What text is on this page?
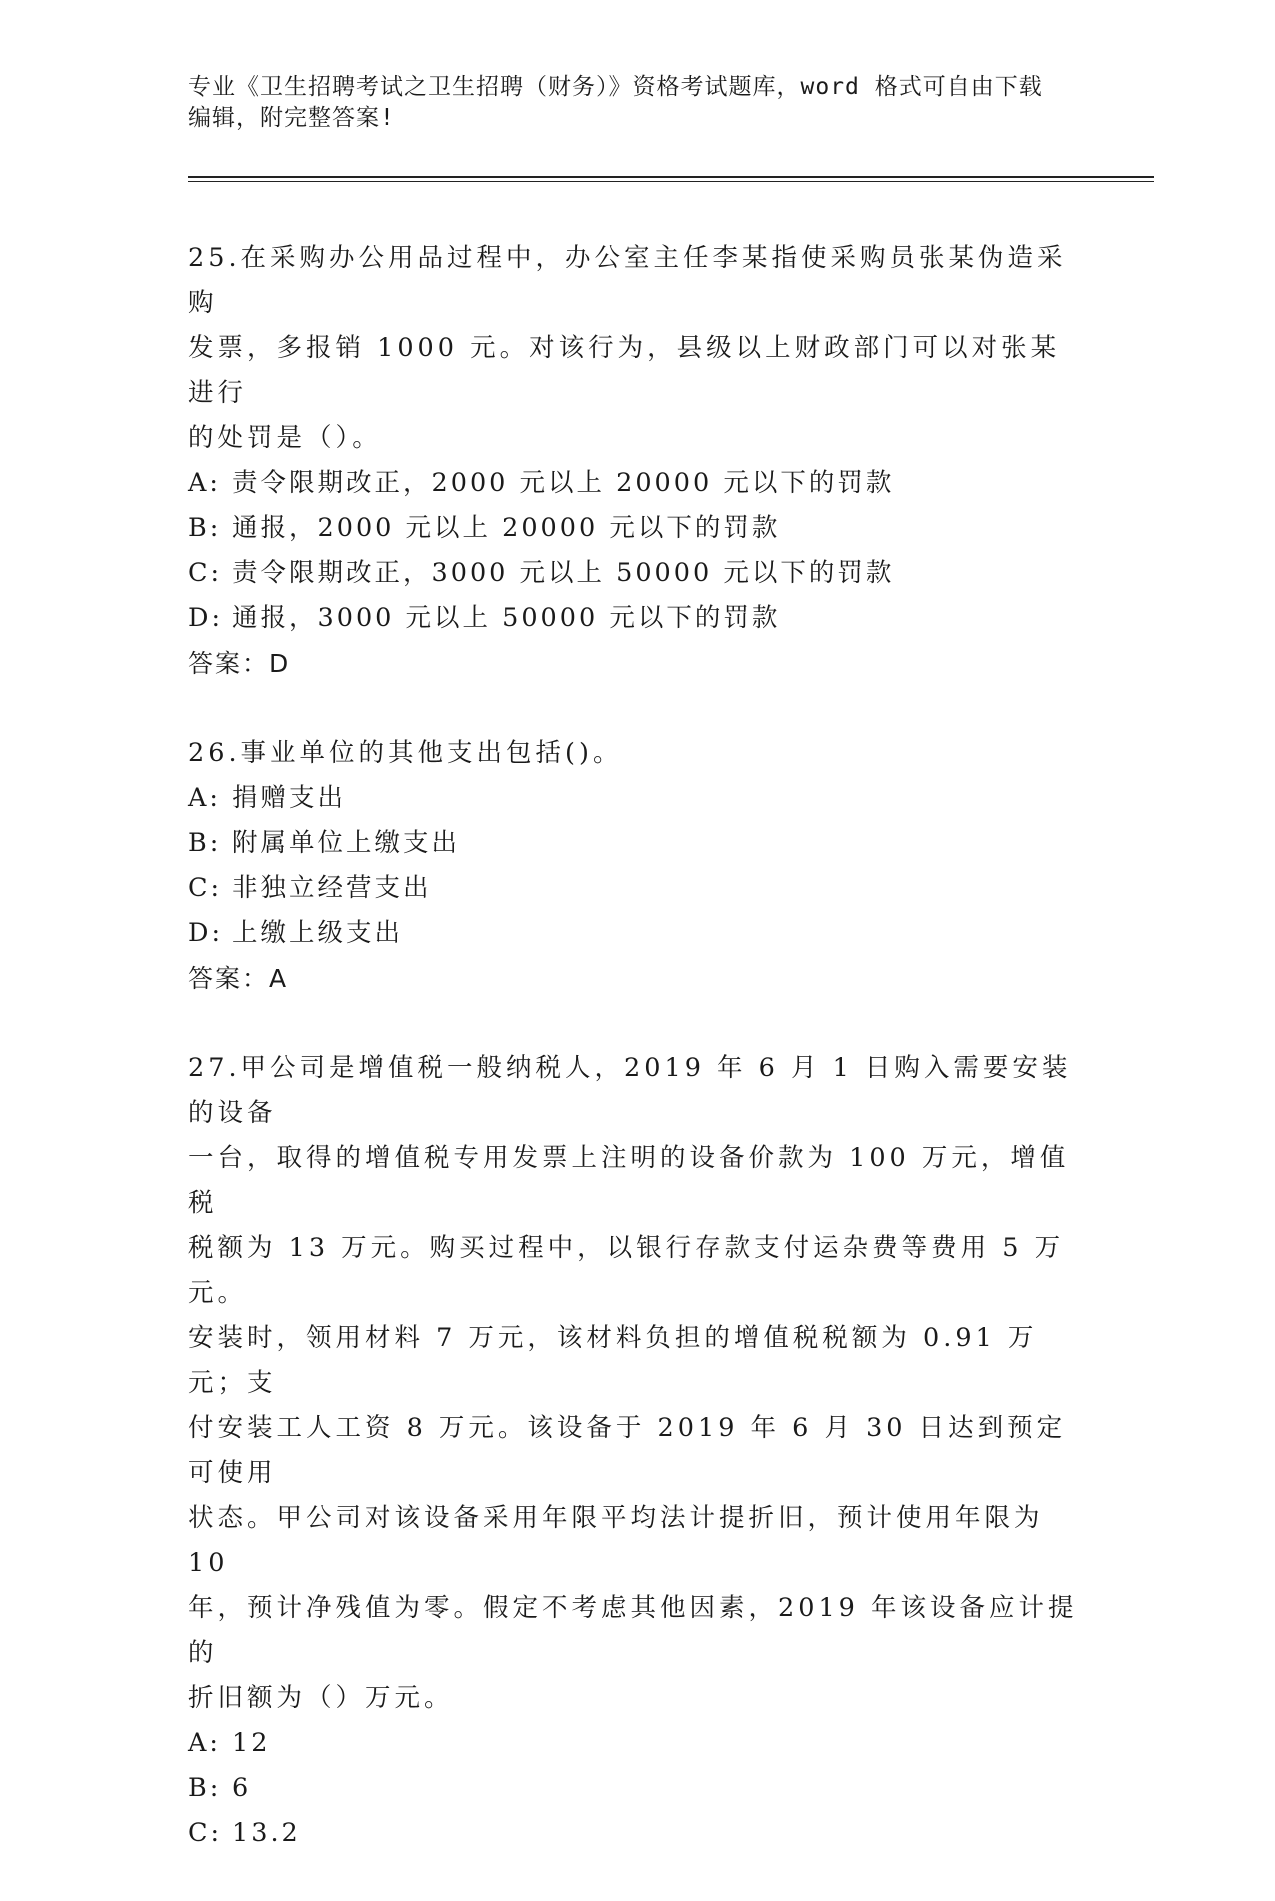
专业《卫生招聘考试之卫生招聘（财务）》资格考试题库，word 格式可自由下载
编辑，附完整答案!

25.在采购办公用品过程中，办公室主任李某指使采购员张某伪造采购

发票，多报销 1000 元。对该行为，县级以上财政部门可以对张某进行

的处罚是（）。

A: 责令限期改正，2000 元以上 20000 元以下的罚款

B: 通报，2000 元以上 20000 元以下的罚款

C: 责令限期改正，3000 元以上 50000 元以下的罚款

D: 通报，3000 元以上 50000 元以下的罚款

答案：D

26.事业单位的其他支出包括()。

A: 捐赠支出

B: 附属单位上缴支出

C: 非独立经营支出

D: 上缴上级支出

答案：A

27.甲公司是增值税一般纳税人，2019 年 6 月 1 日购入需要安装的设备

一台，取得的增值税专用发票上注明的设备价款为 100 万元，增值税

税额为 13 万元。购买过程中，以银行存款支付运杂费等费用 5 万元。

安装时，领用材料 7 万元，该材料负担的增值税税额为 0.91 万元；支

付安装工人工资 8 万元。该设备于 2019 年 6 月 30 日达到预定可使用

状态。甲公司对该设备采用年限平均法计提折旧，预计使用年限为 10

年，预计净残值为零。假定不考虑其他因素，2019 年该设备应计提的

折旧额为（）万元。

A: 12

B: 6

C: 13.2
